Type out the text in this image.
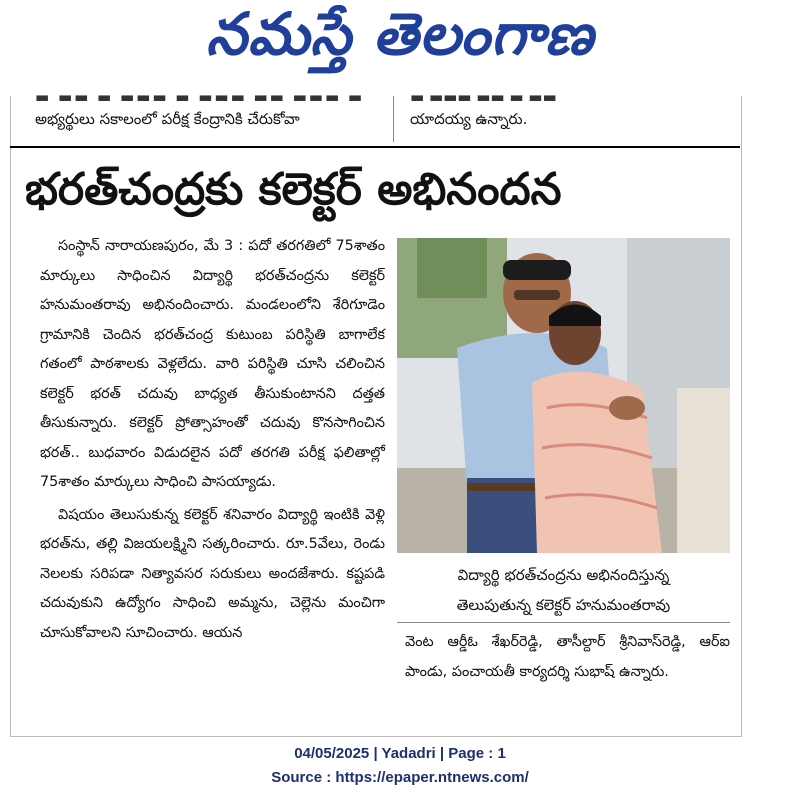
నమస్తే తెలంగాణ
▬ ▬▬ ▬ ▬▬▬ ▬ ▬▬▬ ▬▬ ▬▬▬ ▬
అభ్యర్థులు సకాలంలో పరీక్ష కేంద్రానికి చేరుకోవా
▬ ▬▬▬ ▬▬ ▬ ▬▬
యాదయ్య ఉన్నారు.
భరత్‌చంద్రకు కలెక్టర్ అభినందన

సంస్థాన్ నారాయణపురం, మే 3 : పదో తరగతిలో 75శాతం మార్కులు సాధించిన విద్యార్థి భరత్‌చంద్రను కలెక్టర్ హనుమంతరావు అభినందించారు. మండలంలోని శేరిగూడెం గ్రామానికి చెందిన భరత్‌చంద్ర కుటుంబ పరిస్థితి బాగాలేక గతంలో పాఠశాలకు వెళ్లలేదు. వారి పరిస్థితి చూసి చలించిన కలెక్టర్ భరత్ చదువు బాధ్యత తీసుకుంటానని దత్తత తీసుకున్నారు. కలెక్టర్ ప్రోత్సాహంతో చదువు కొనసాగించిన భరత్.. బుధవారం విడుదలైన పదో తరగతి పరీక్ష ఫలితాల్లో 75శాతం మార్కులు సాధించి పాసయ్యాడు.

విషయం తెలుసుకున్న కలెక్టర్ శనివారం విద్యార్థి ఇంటికి వెళ్లి భరత్‌ను, తల్లి విజయలక్ష్మిని సత్కరించారు. రూ.5వేలు, రెండు నెలలకు సరిపడా నిత్యావసర సరుకులు అందజేశారు. కష్టపడి చదువుకుని ఉద్యోగం సాధించి అమ్మను, చెల్లెను మంచిగా చూసుకోవాలని సూచించారు. ఆయన

విద్యార్థి భరత్‌చంద్రను అభినందిస్తున్న
తెలుపుతున్న కలెక్టర్ హనుమంతరావు
వెంట ఆర్డీఓ శేఖర్‌రెడ్డి, తాసీల్దార్ శ్రీనివాస్‌రెడ్డి, ఆర్‌ఐ పాండు, పంచాయతీ కార్యదర్శి సుభాష్ ఉన్నారు.
04/05/2025 | Yadadri | Page : 1
Source : https://epaper.ntnews.com/
